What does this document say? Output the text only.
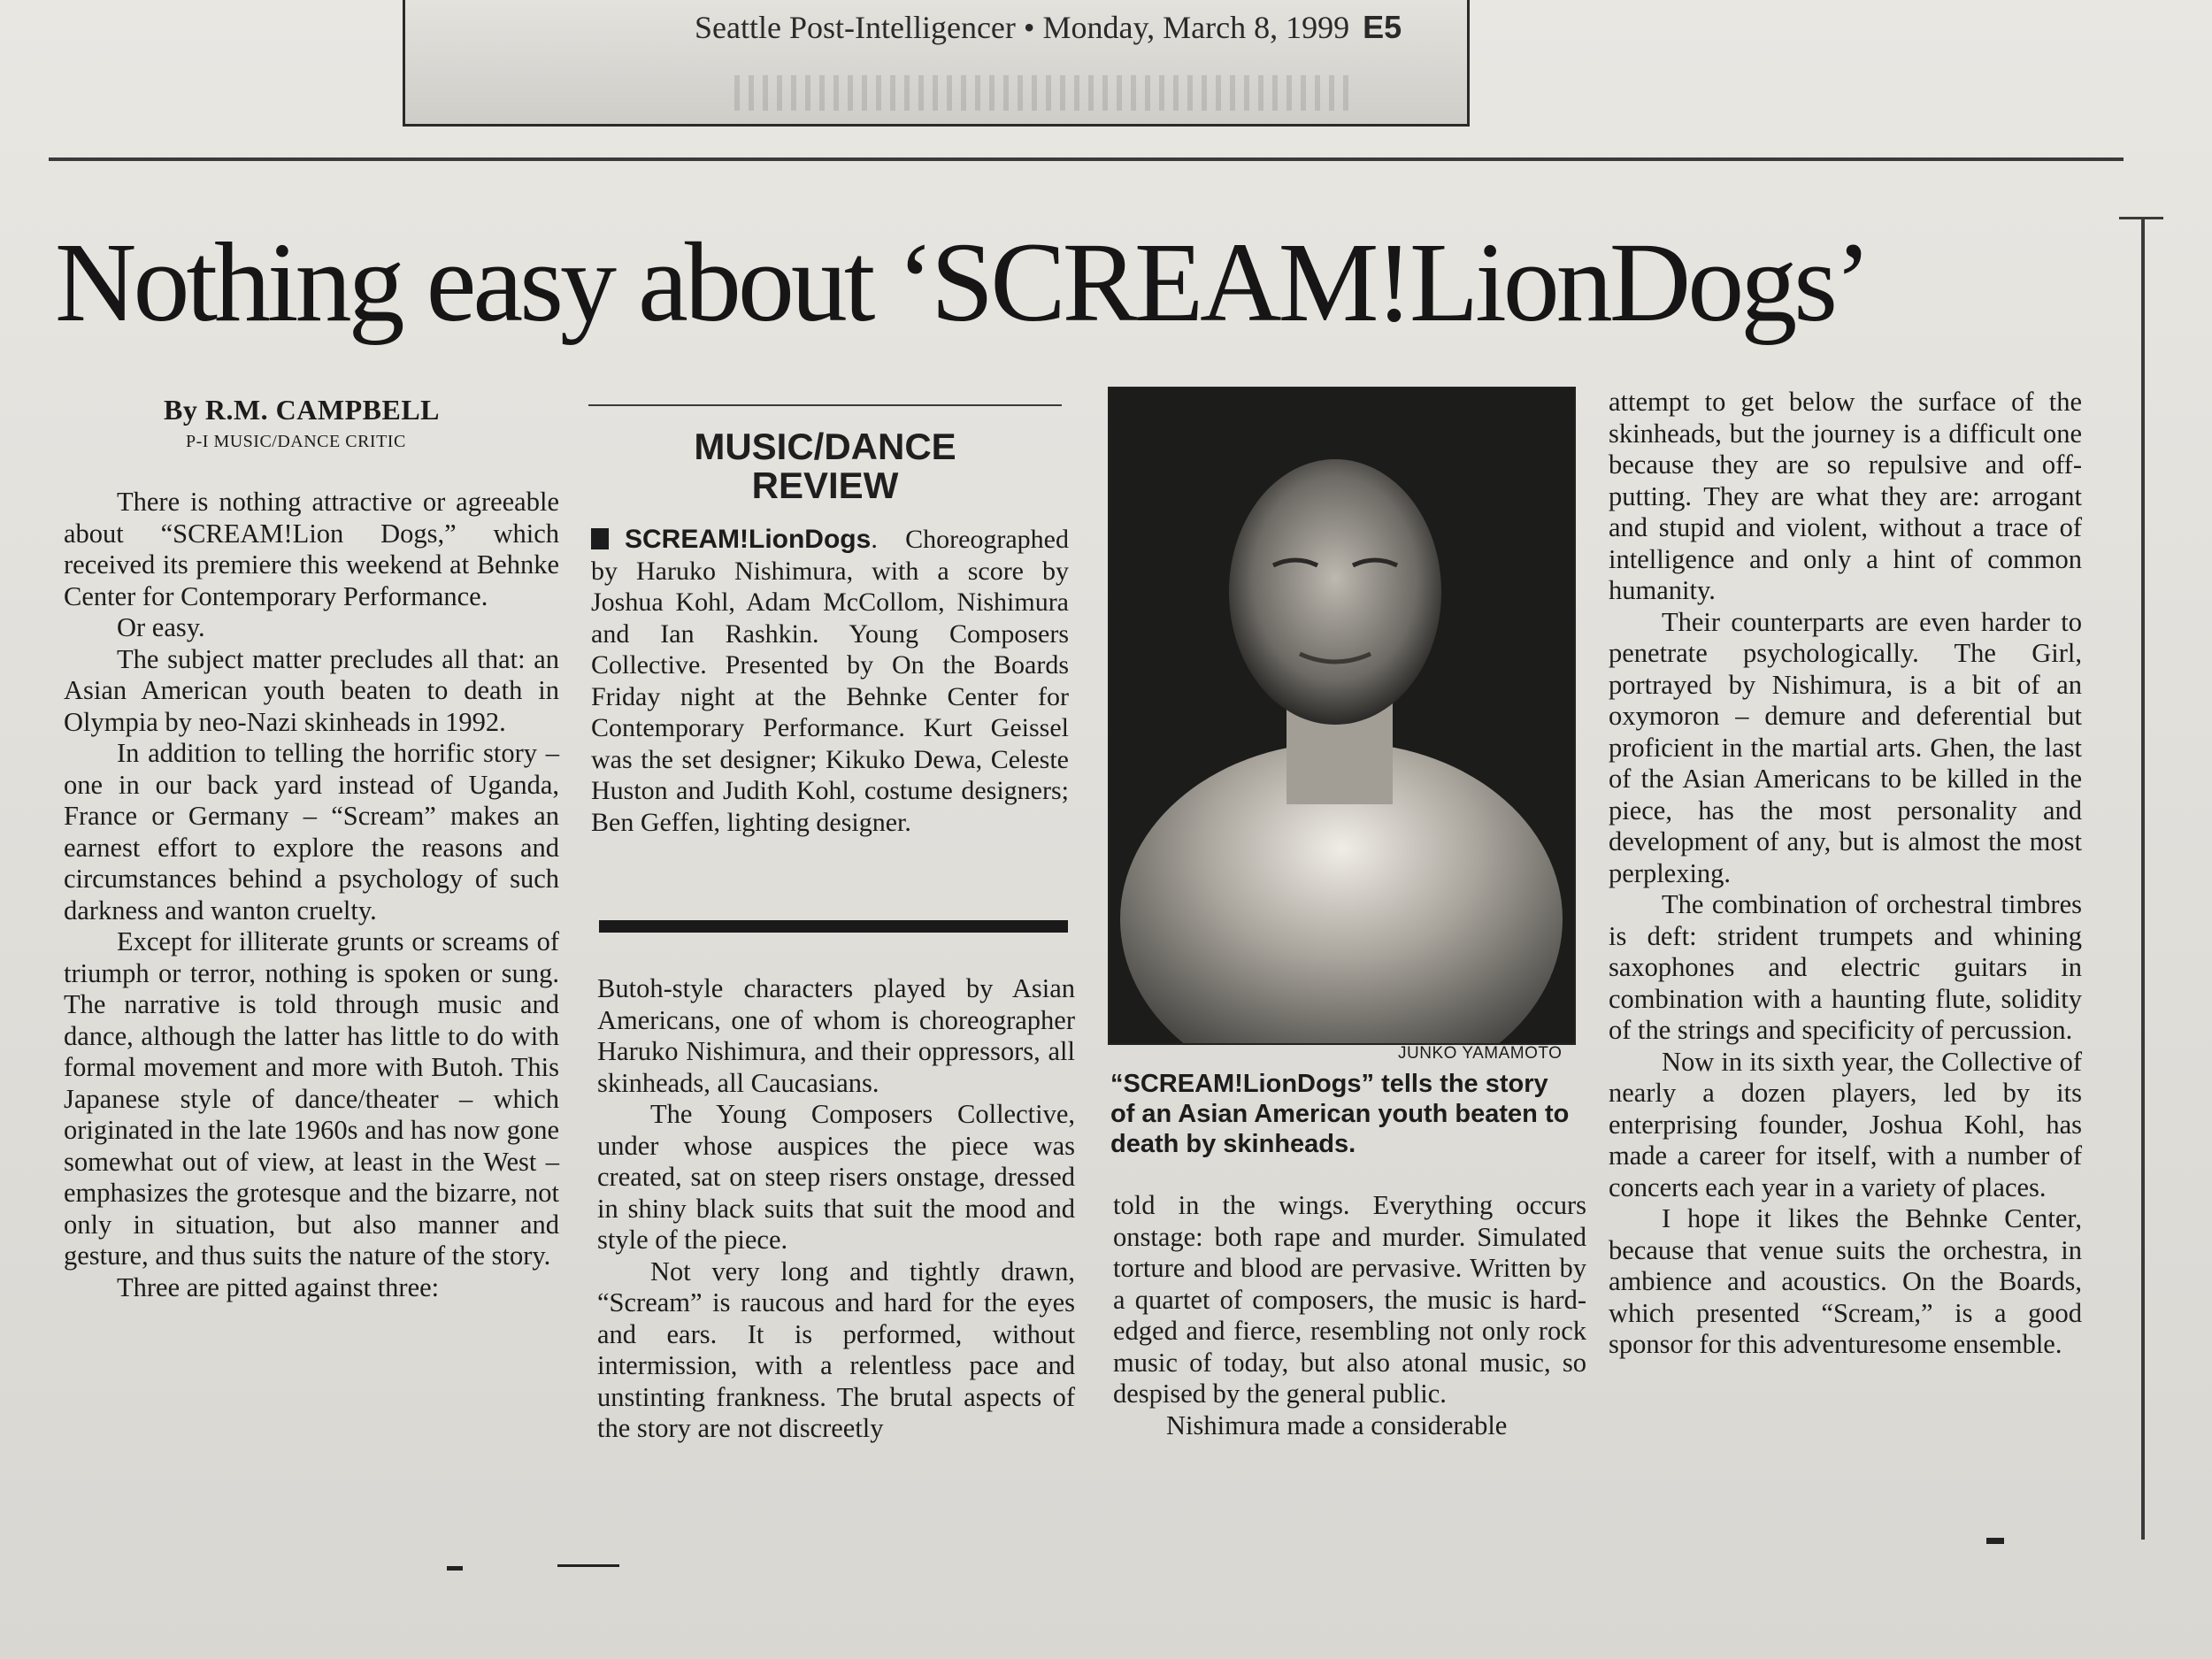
Seattle Post-Intelligencer • Monday, March 8, 1999 E5
Nothing easy about ‘SCREAM!LionDogs’
By R.M. CAMPBELL
P-I MUSIC/DANCE CRITIC

There is nothing attractive or agreeable about “SCREAM!Lion Dogs,” which received its premiere this weekend at Behnke Center for Contemporary Performance.

Or easy.

The subject matter precludes all that: an Asian American youth beaten to death in Olympia by neo-Nazi skinheads in 1992.

In addition to telling the horrific story – one in our back yard instead of Uganda, France or Germany – “Scream” makes an earnest effort to explore the reasons and circumstances behind a psychology of such darkness and wanton cruelty.

Except for illiterate grunts or screams of triumph or terror, nothing is spoken or sung. The narrative is told through music and dance, although the latter has little to do with formal movement and more with Butoh. This Japanese style of dance/theater – which originated in the late 1960s and has now gone somewhat out of view, at least in the West – emphasizes the grotesque and the bizarre, not only in situation, but also manner and gesture, and thus suits the nature of the story.

Three are pitted against three:

MUSIC/DANCE
REVIEW
SCREAM!LionDogs. Choreographed by Haruko Nishimura, with a score by Joshua Kohl, Adam McCollom, Nishimura and Ian Rashkin. Young Composers Collective. Presented by On the Boards Friday night at the Behnke Center for Contemporary Performance. Kurt Geissel was the set designer; Kikuko Dewa, Celeste Huston and Judith Kohl, costume designers; Ben Geffen, lighting designer.

Butoh-style characters played by Asian Americans, one of whom is choreographer Haruko Nishimura, and their oppressors, all skinheads, all Caucasians.

The Young Composers Collective, under whose auspices the piece was created, sat on steep risers onstage, dressed in shiny black suits that suit the mood and style of the piece.

Not very long and tightly drawn, “Scream” is raucous and hard for the eyes and ears. It is performed, without intermission, with a relentless pace and unstinting frankness. The brutal aspects of the story are not discreetly

JUNKO YAMAMOTO
“SCREAM!LionDogs” tells the story of an Asian American youth beaten to death by skinheads.

told in the wings. Everything occurs onstage: both rape and murder. Simulated torture and blood are pervasive. Written by a quartet of composers, the music is hard-edged and fierce, resembling not only rock music of today, but also atonal music, so despised by the general public.

Nishimura made a considerable

attempt to get below the surface of the skinheads, but the journey is a difficult one because they are so repulsive and off-putting. They are what they are: arrogant and stupid and violent, without a trace of intelligence and only a hint of common humanity.

Their counterparts are even harder to penetrate psychologically. The Girl, portrayed by Nishimura, is a bit of an oxymoron – demure and deferential but proficient in the martial arts. Ghen, the last of the Asian Americans to be killed in the piece, has the most personality and development of any, but is almost the most perplexing.

The combination of orchestral timbres is deft: strident trumpets and whining saxophones and electric guitars in combination with a haunting flute, solidity of the strings and specificity of percussion.

Now in its sixth year, the Collective of nearly a dozen players, led by its enterprising founder, Joshua Kohl, has made a career for itself, with a number of concerts each year in a variety of places.

I hope it likes the Behnke Center, because that venue suits the orchestra, in ambience and acoustics. On the Boards, which presented “Scream,” is a good sponsor for this adventuresome ensemble.
